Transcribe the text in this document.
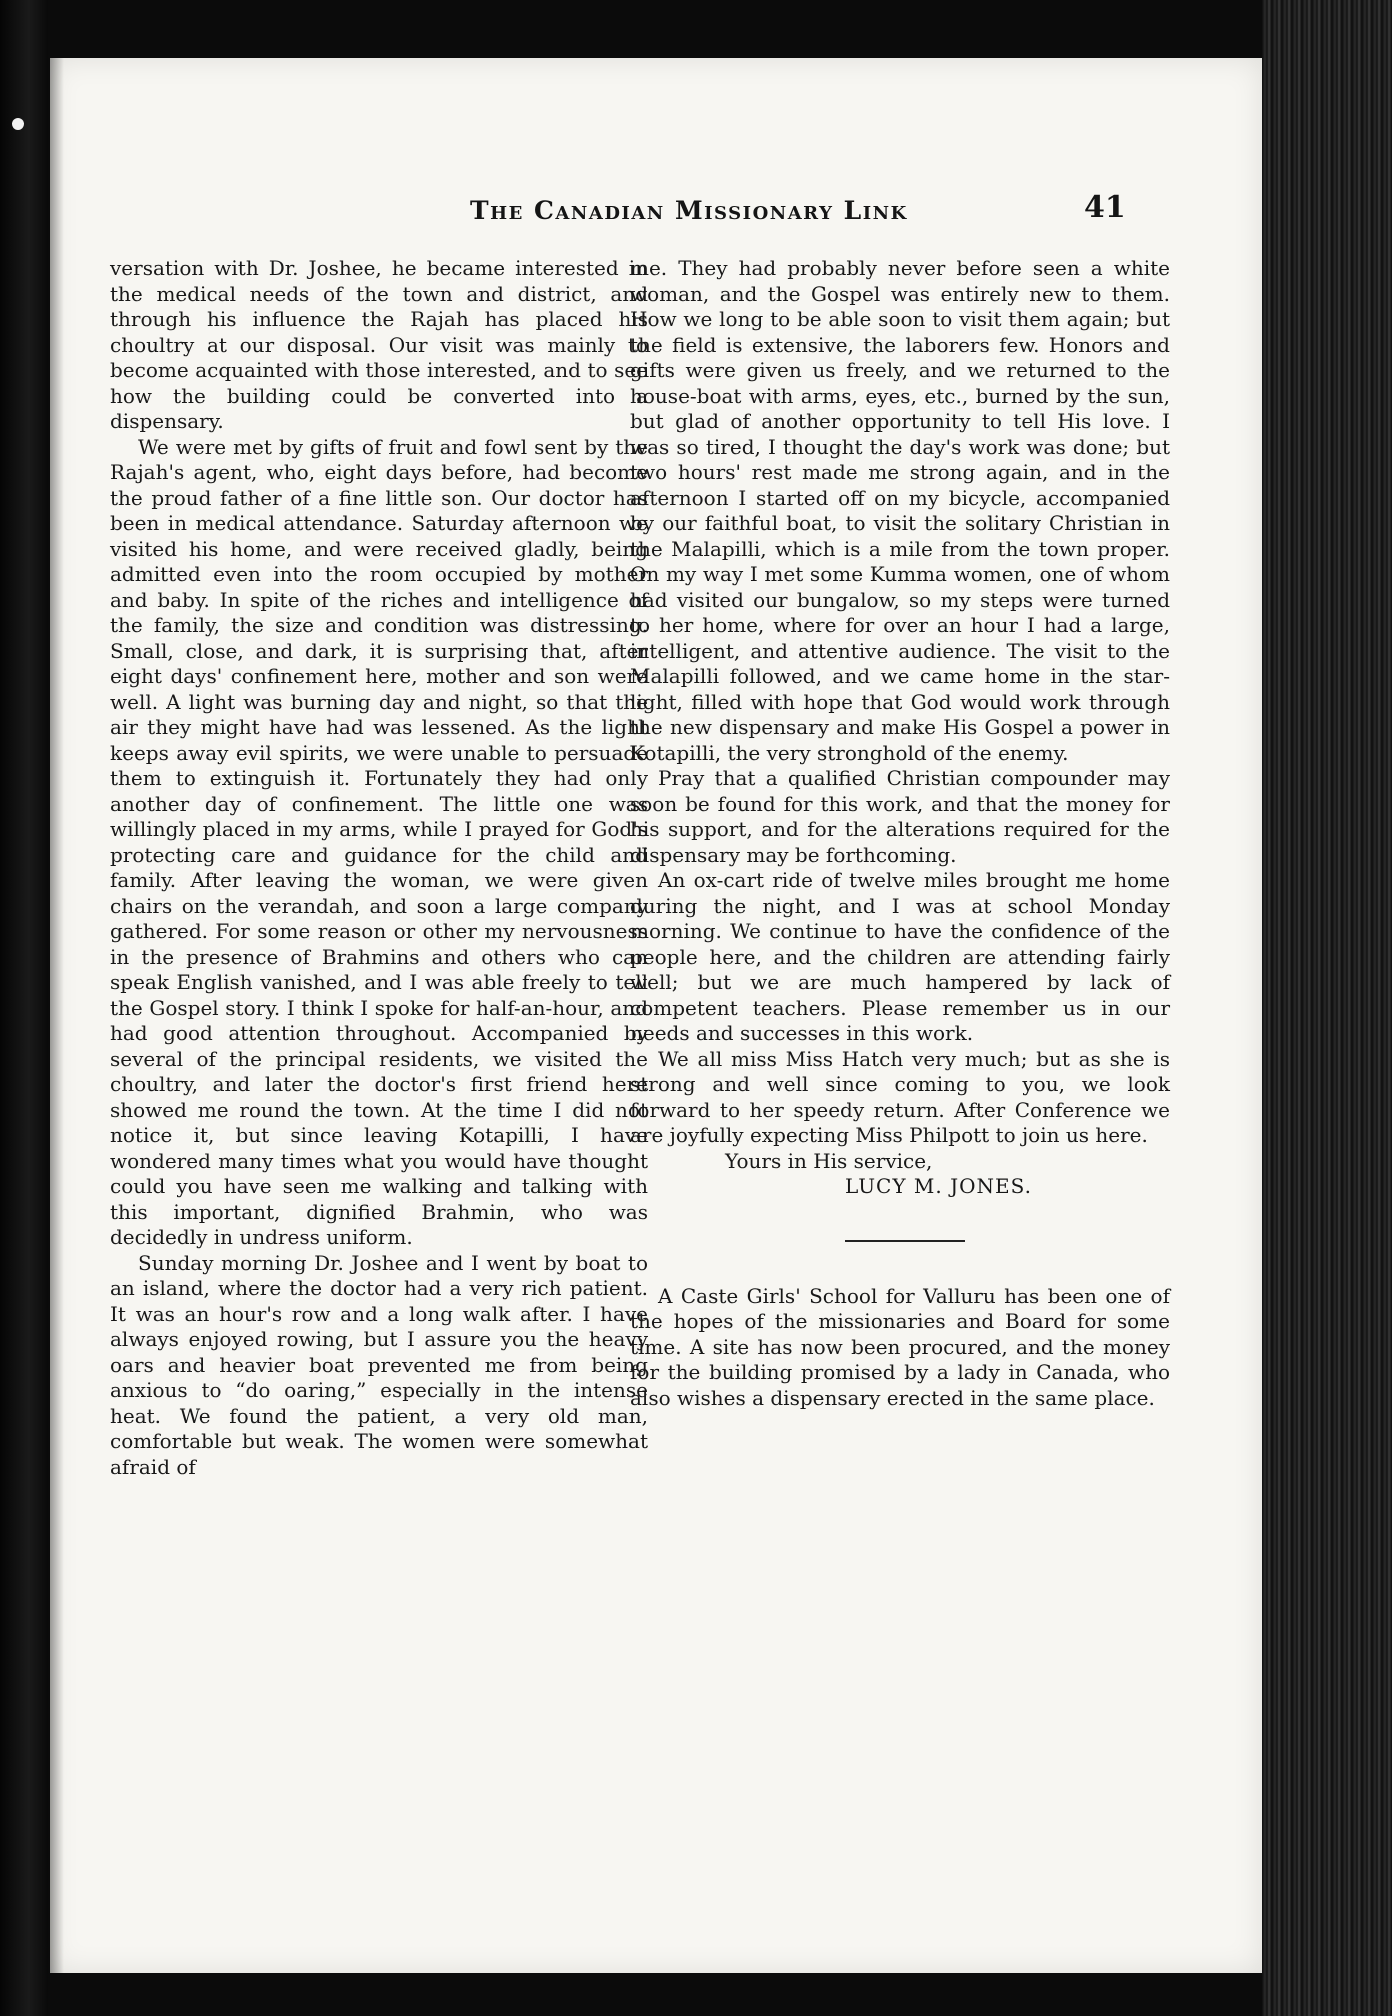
The Canadian Missionary Link	41

versation with Dr. Joshee, he became interested in the medical needs of the town and district, and through his influence the Rajah has placed his choultry at our disposal. Our visit was mainly to become acquainted with those interested, and to see how the building could be converted into a dispensary.

We were met by gifts of fruit and fowl sent by the Rajah's agent, who, eight days before, had become the proud father of a fine little son. Our doctor has been in medical attendance. Saturday afternoon we visited his home, and were received gladly, being admitted even into the room occupied by mother and baby. In spite of the riches and intelligence of the family, the size and condition was distressing. Small, close, and dark, it is surprising that, after eight days' confinement here, mother and son were well. A light was burning day and night, so that the air they might have had was lessened. As the light keeps away evil spirits, we were unable to persuade them to extinguish it. Fortunately they had only another day of confinement. The little one was willingly placed in my arms, while I prayed for God's protecting care and guidance for the child and family. After leaving the woman, we were given chairs on the verandah, and soon a large company gathered. For some reason or other my nervousness in the presence of Brahmins and others who can speak English vanished, and I was able freely to tell the Gospel story. I think I spoke for half-an-hour, and had good attention throughout. Accompanied by several of the principal residents, we visited the choultry, and later the doctor's first friend here showed me round the town. At the time I did not notice it, but since leaving Kotapilli, I have wondered many times what you would have thought could you have seen me walking and talking with this important, dignified Brahmin, who was decidedly in undress uniform.

Sunday morning Dr. Joshee and I went by boat to an island, where the doctor had a very rich patient. It was an hour's row and a long walk after. I have always enjoyed rowing, but I assure you the heavy oars and heavier boat prevented me from being anxious to “do oaring,” especially in the intense heat. We found the patient, a very old man, comfortable but weak. The women were somewhat afraid of

me. They had probably never before seen a white woman, and the Gospel was entirely new to them. How we long to be able soon to visit them again; but the field is extensive, the laborers few. Honors and gifts were given us freely, and we returned to the house-boat with arms, eyes, etc., burned by the sun, but glad of another opportunity to tell His love. I was so tired, I thought the day's work was done; but two hours' rest made me strong again, and in the afternoon I started off on my bicycle, accompanied by our faithful boat, to visit the solitary Christian in the Malapilli, which is a mile from the town proper. On my way I met some Kumma women, one of whom had visited our bungalow, so my steps were turned to her home, where for over an hour I had a large, intelligent, and attentive audience. The visit to the Malapilli followed, and we came home in the star-light, filled with hope that God would work through the new dispensary and make His Gospel a power in Kotapilli, the very stronghold of the enemy.

Pray that a qualified Christian compounder may soon be found for this work, and that the money for his support, and for the alterations required for the dispensary may be forthcoming.

An ox-cart ride of twelve miles brought me home during the night, and I was at school Monday morning. We continue to have the confidence of the people here, and the children are attending fairly well; but we are much hampered by lack of competent teachers. Please remember us in our needs and successes in this work.

We all miss Miss Hatch very much; but as she is strong and well since coming to you, we look forward to her speedy return. After Conference we are joyfully expecting Miss Philpott to join us here.

Yours in His service,

LUCY M. JONES.

A Caste Girls' School for Valluru has been one of the hopes of the missionaries and Board for some time. A site has now been procured, and the money for the building promised by a lady in Canada, who also wishes a dispensary erected in the same place.
